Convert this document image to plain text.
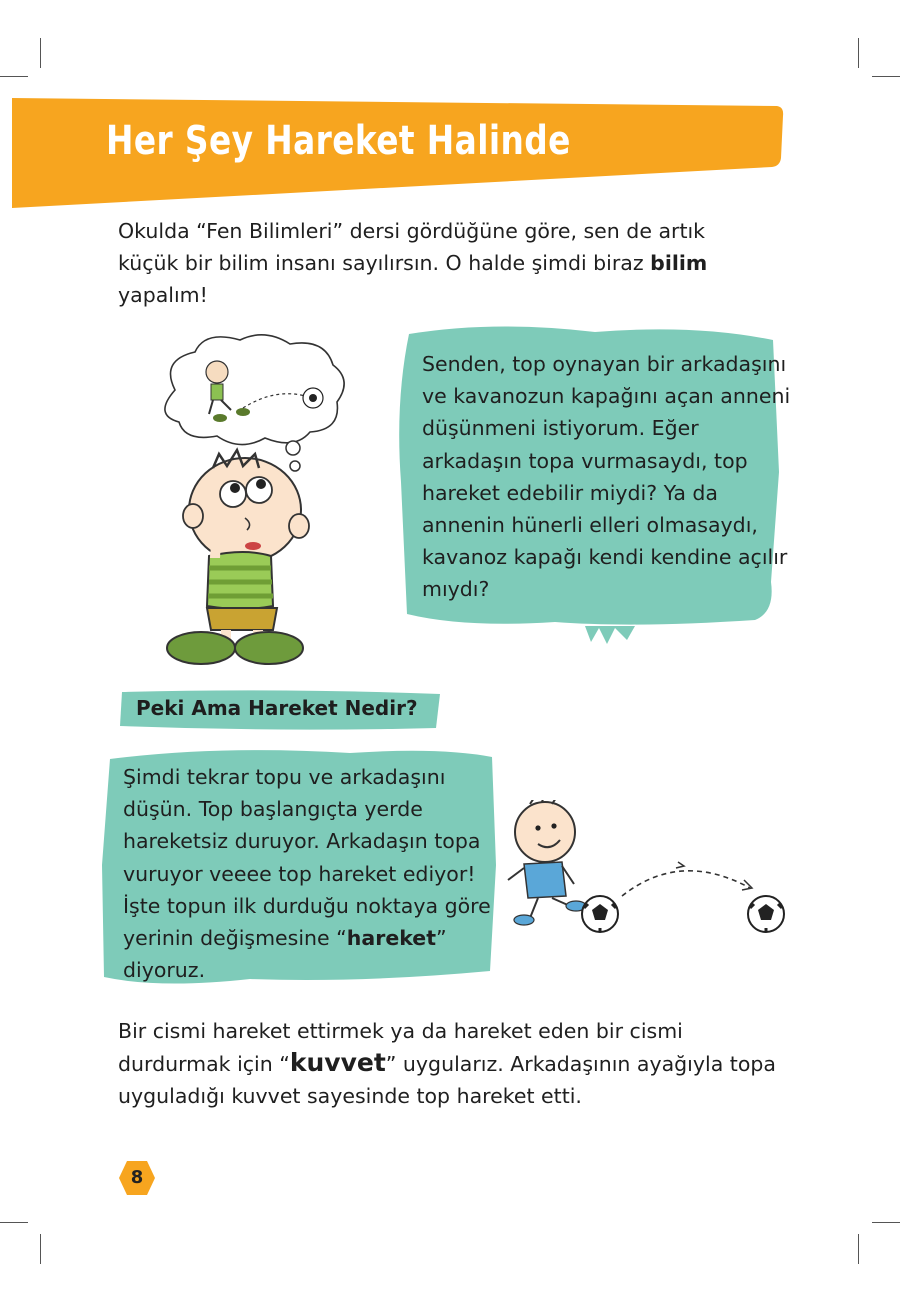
Her Şey Hareket Halinde

Okulda “Fen Bilimleri” dersi gördüğüne göre, sen de artık küçük bir bilim insanı sayılırsın. O halde şimdi biraz bilim yapalım!

Senden, top oynayan bir arkadaşını ve kavanozun kapağını açan anneni düşünmeni istiyorum. Eğer arkadaşın topa vurmasaydı, top hareket edebilir miydi? Ya da annenin hünerli elleri olmasaydı, kavanoz kapağı kendi kendine açılır mıydı?

Peki Ama Hareket Nedir?

Şimdi tekrar topu ve arkadaşını düşün. Top başlangıçta yerde hareketsiz duruyor. Arkadaşın topa vuruyor veeee top hareket ediyor! İşte topun ilk durduğu noktaya göre yerinin değişmesine “hareket” diyoruz.

Bir cismi hareket ettirmek ya da hareket eden bir cismi durdurmak için “kuvvet” uygularız. Arkadaşının ayağıyla topa uyguladığı kuvvet sayesinde top hareket etti.

8
